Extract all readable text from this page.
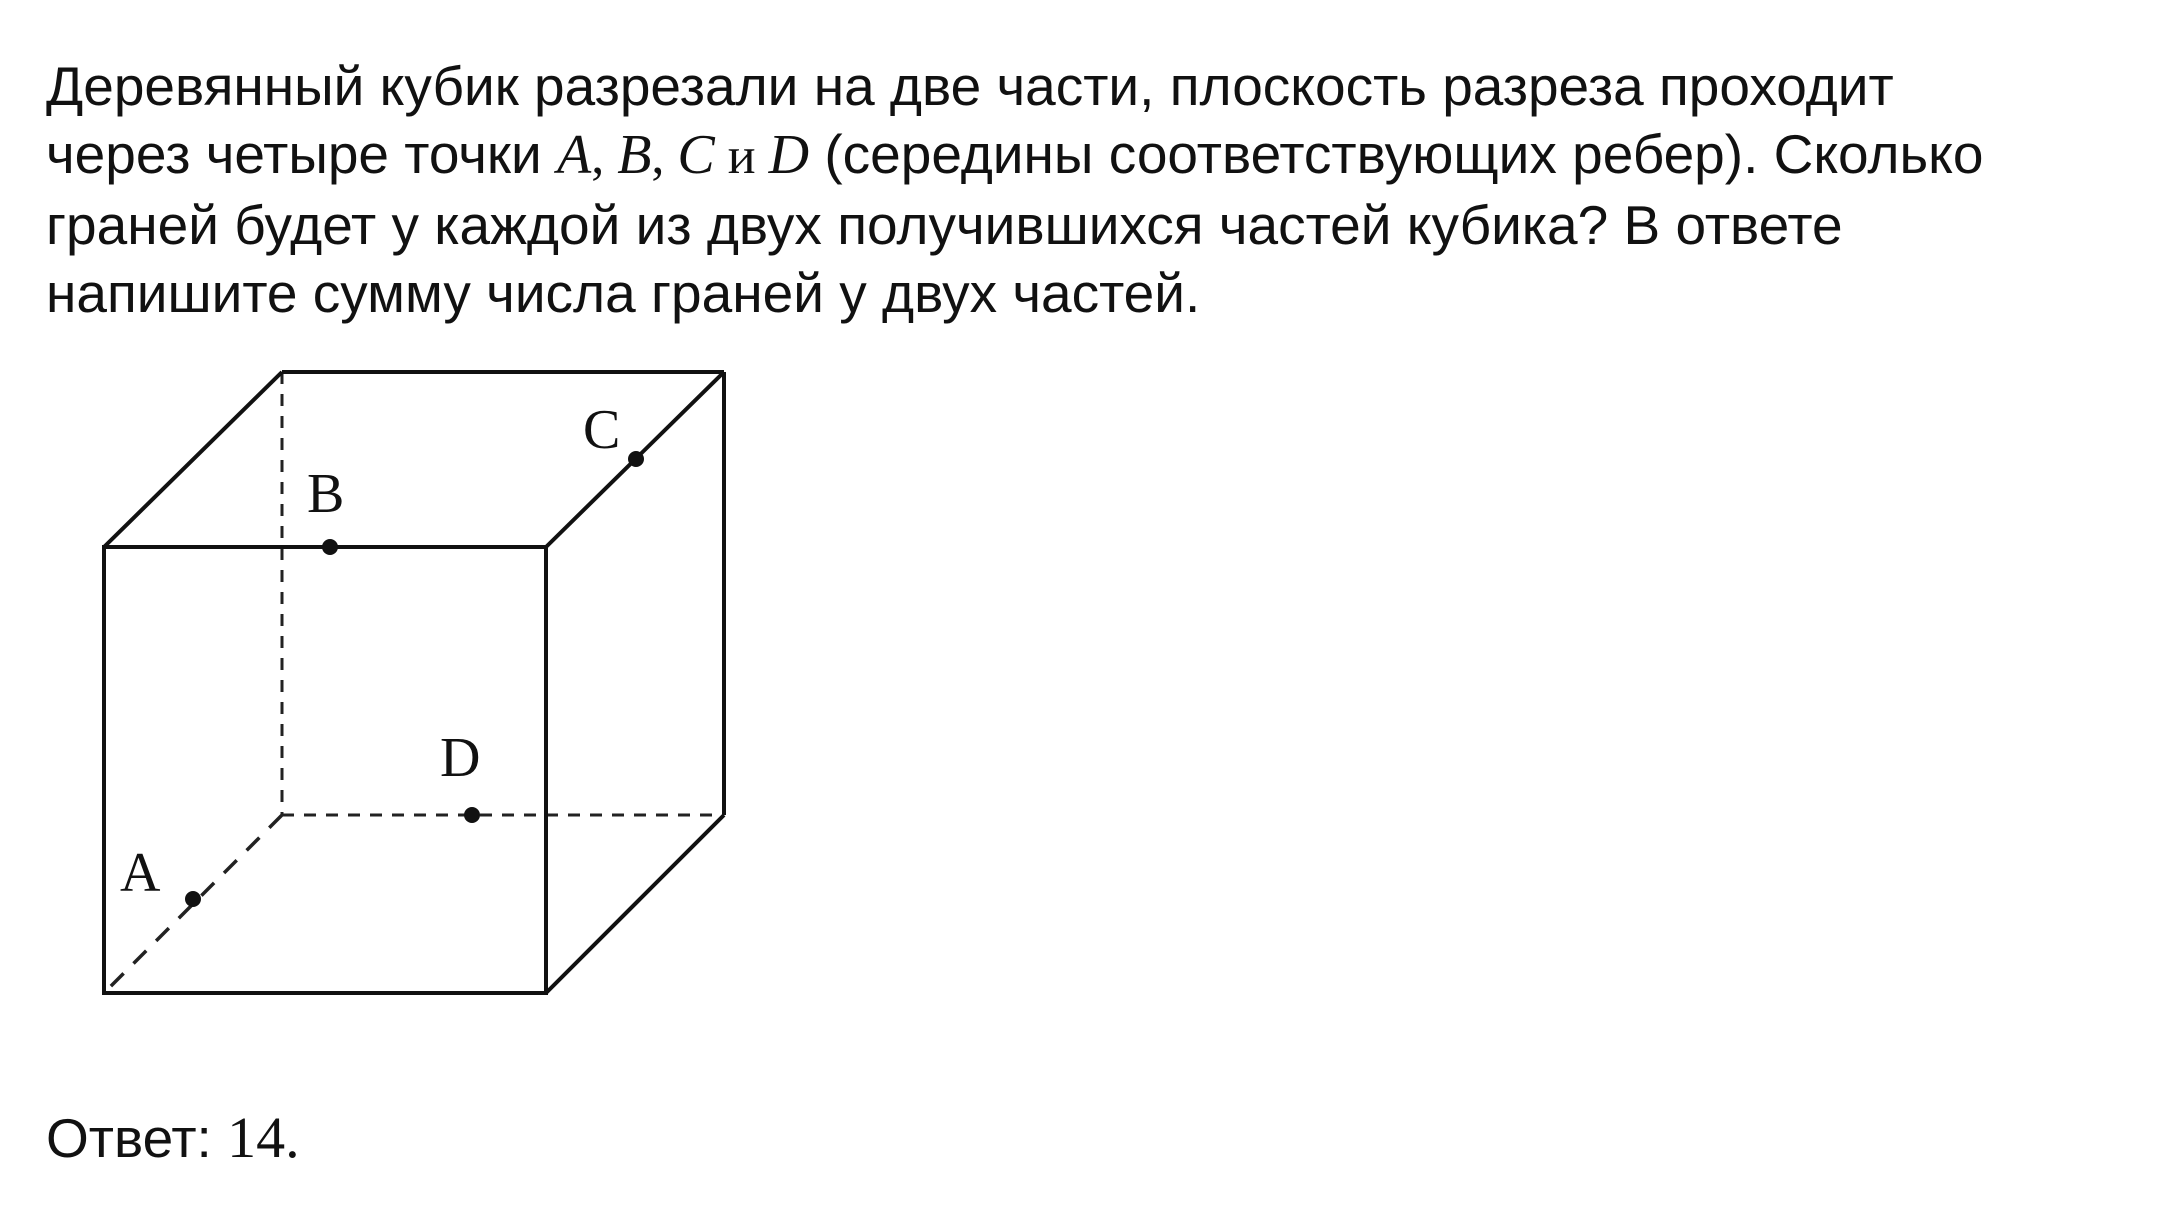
Деревянный кубик разрезали на две части, плоскость разреза проходит
через четыре точки A, B, C и D (середины соответствующих ребер). Сколько
граней будет у каждой из двух получившихся частей кубика? В ответе
напишите сумму числа граней у двух частей.
A
B
C
D
Ответ: 14.
